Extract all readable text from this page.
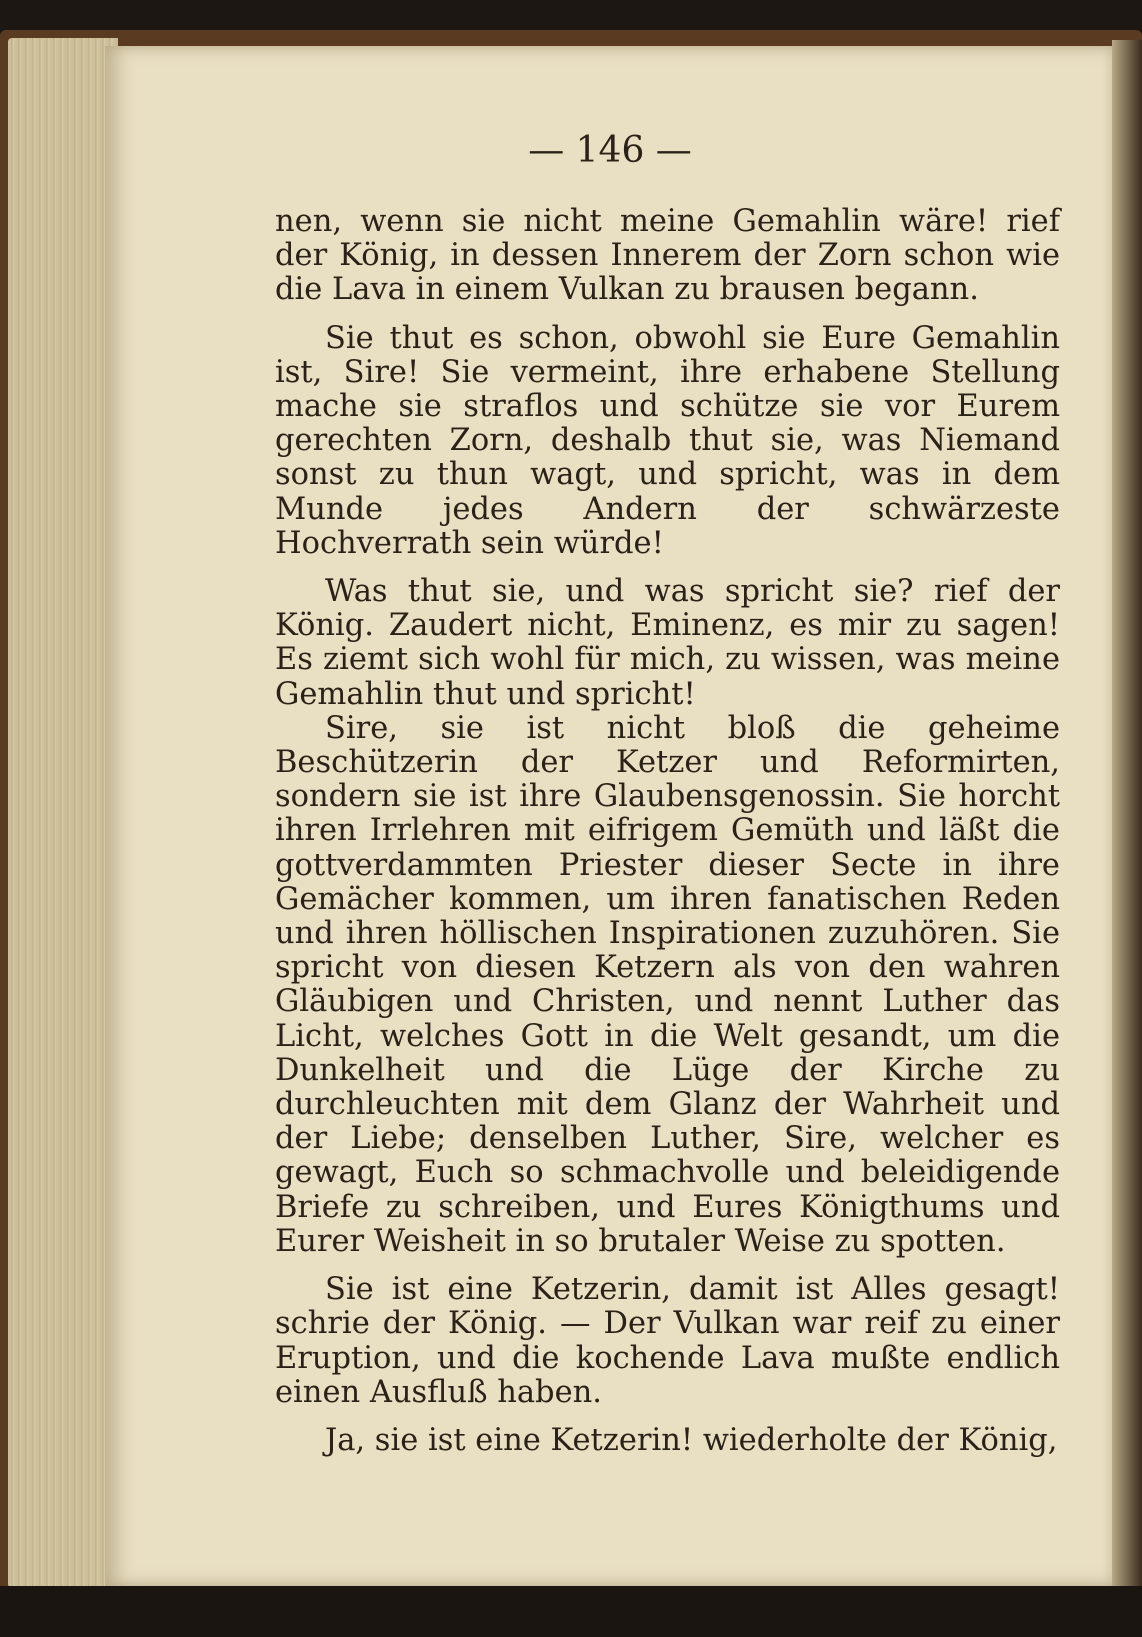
— 146 —

nen, wenn sie nicht meine Gemahlin wäre! rief der König, in dessen Innerem der Zorn schon wie die Lava in einem Vulkan zu brausen begann.

Sie thut es schon, obwohl sie Eure Gemahlin ist, Sire! Sie vermeint, ihre erhabene Stellung mache sie straflos und schütze sie vor Eurem gerechten Zorn, deshalb thut sie, was Niemand sonst zu thun wagt, und spricht, was in dem Munde jedes Andern der schwärzeste Hochverrath sein würde!

Was thut sie, und was spricht sie? rief der König. Zaudert nicht, Eminenz, es mir zu sagen! Es ziemt sich wohl für mich, zu wissen, was meine Gemahlin thut und spricht!

Sire, sie ist nicht bloß die geheime Beschützerin der Ketzer und Reformirten, sondern sie ist ihre Glaubensgenossin. Sie horcht ihren Irrlehren mit eifrigem Gemüth und läßt die gottverdammten Priester dieser Secte in ihre Gemächer kommen, um ihren fanatischen Reden und ihren höllischen Inspirationen zuzuhören. Sie spricht von diesen Ketzern als von den wahren Gläubigen und Christen, und nennt Luther das Licht, welches Gott in die Welt gesandt, um die Dunkelheit und die Lüge der Kirche zu durchleuchten mit dem Glanz der Wahrheit und der Liebe; denselben Luther, Sire, welcher es gewagt, Euch so schmachvolle und beleidigende Briefe zu schreiben, und Eures Königthums und Eurer Weisheit in so brutaler Weise zu spotten.

Sie ist eine Ketzerin, damit ist Alles gesagt! schrie der König. — Der Vulkan war reif zu einer Eruption, und die kochende Lava mußte endlich einen Ausfluß haben.

Ja, sie ist eine Ketzerin! wiederholte der König,
